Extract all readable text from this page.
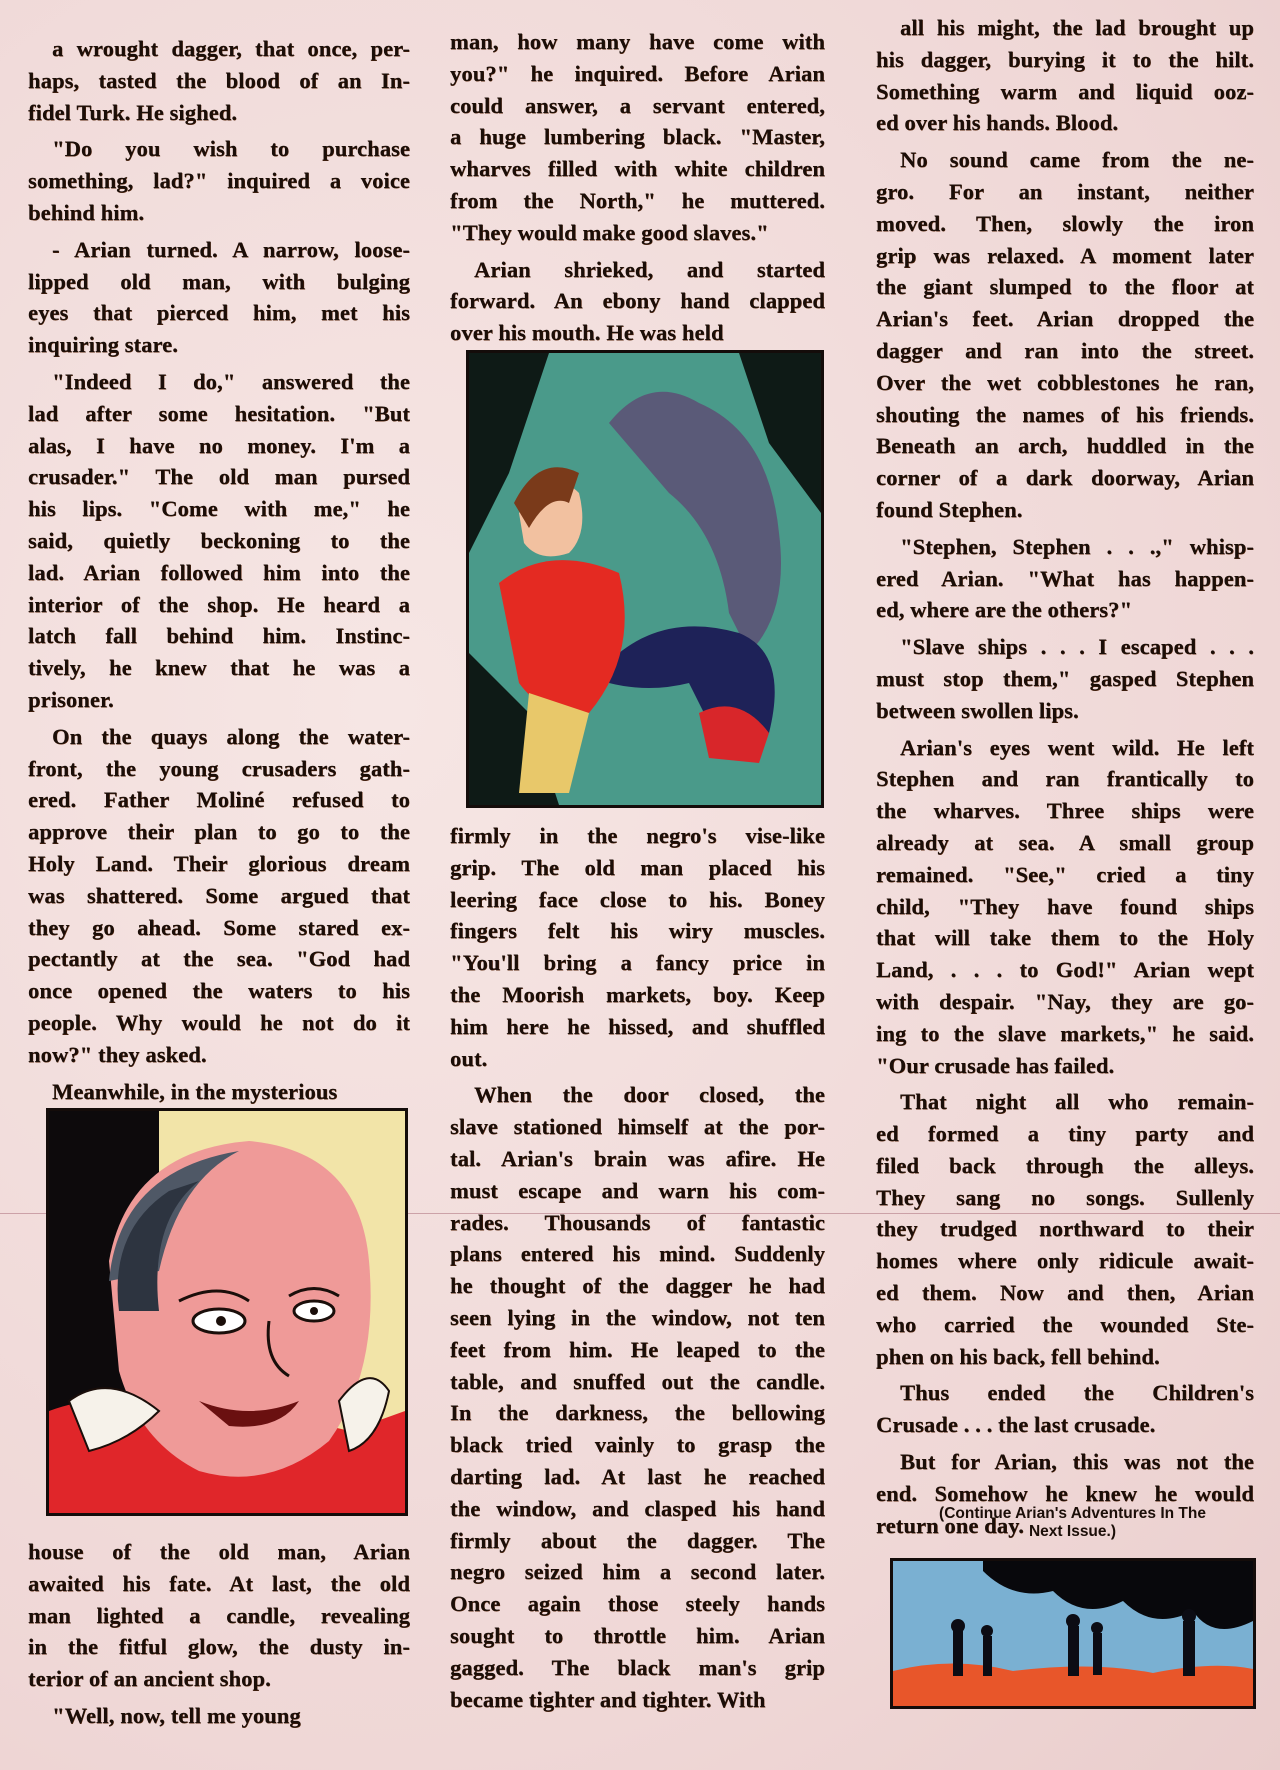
a wrought dagger, that once, per-
haps, tasted the blood of an In-
fidel Turk. He sighed.
"Do you wish to purchase
something, lad?" inquired a voice
behind him.
- Arian turned. A narrow, loose-
lipped old man, with bulging
eyes that pierced him, met his
inquiring stare.
"Indeed I do," answered the
lad after some hesitation. "But
alas, I have no money. I'm a
crusader." The old man pursed
his lips. "Come with me," he
said, quietly beckoning to the
lad. Arian followed him into the
interior of the shop. He heard a
latch fall behind him. Instinc-
tively, he knew that he was a
prisoner.
On the quays along the water-
front, the young crusaders gath-
ered. Father Moliné refused to
approve their plan to go to the
Holy Land. Their glorious dream
was shattered. Some argued that
they go ahead. Some stared ex-
pectantly at the sea. "God had
once opened the waters to his
people. Why would he not do it
now?" they asked.
Meanwhile, in the mysterious
house of the old man, Arian
awaited his fate. At last, the old
man lighted a candle, revealing
in the fitful glow, the dusty in-
terior of an ancient shop.
"Well, now, tell me young
man, how many have come with
you?" he inquired. Before Arian
could answer, a servant entered,
a huge lumbering black. "Master,
wharves filled with white children
from the North," he muttered.
"They would make good slaves."
Arian shrieked, and started
forward. An ebony hand clapped
over his mouth. He was held
firmly in the negro's vise-like
grip. The old man placed his
leering face close to his. Boney
fingers felt his wiry muscles.
"You'll bring a fancy price in
the Moorish markets, boy. Keep
him here he hissed, and shuffled
out.
When the door closed, the
slave stationed himself at the por-
tal. Arian's brain was afire. He
must escape and warn his com-
rades. Thousands of fantastic
plans entered his mind. Suddenly
he thought of the dagger he had
seen lying in the window, not ten
feet from him. He leaped to the
table, and snuffed out the candle.
In the darkness, the bellowing
black tried vainly to grasp the
darting lad. At last he reached
the window, and clasped his hand
firmly about the dagger. The
negro seized him a second later.
Once again those steely hands
sought to throttle him. Arian
gagged. The black man's grip
became tighter and tighter. With
all his might, the lad brought up
his dagger, burying it to the hilt.
Something warm and liquid ooz-
ed over his hands. Blood.
No sound came from the ne-
gro. For an instant, neither
moved. Then, slowly the iron
grip was relaxed. A moment later
the giant slumped to the floor at
Arian's feet. Arian dropped the
dagger and ran into the street.
Over the wet cobblestones he ran,
shouting the names of his friends.
Beneath an arch, huddled in the
corner of a dark doorway, Arian
found Stephen.
"Stephen, Stephen . . .," whisp-
ered Arian. "What has happen-
ed, where are the others?"
"Slave ships . . . I escaped . . .
must stop them," gasped Stephen
between swollen lips.
Arian's eyes went wild. He left
Stephen and ran frantically to
the wharves. Three ships were
already at sea. A small group
remained. "See," cried a tiny
child, "They have found ships
that will take them to the Holy
Land, . . . to God!" Arian wept
with despair. "Nay, they are go-
ing to the slave markets," he said.
"Our crusade has failed.
That night all who remain-
ed formed a tiny party and
filed back through the alleys.
They sang no songs. Sullenly
they trudged northward to their
homes where only ridicule await-
ed them. Now and then, Arian
who carried the wounded Ste-
phen on his back, fell behind.
Thus ended the Children's
Crusade . . . the last crusade.
But for Arian, this was not the
end. Somehow he knew he would
return one day.
(Continue Arian's Adventures In The
Next Issue.)
